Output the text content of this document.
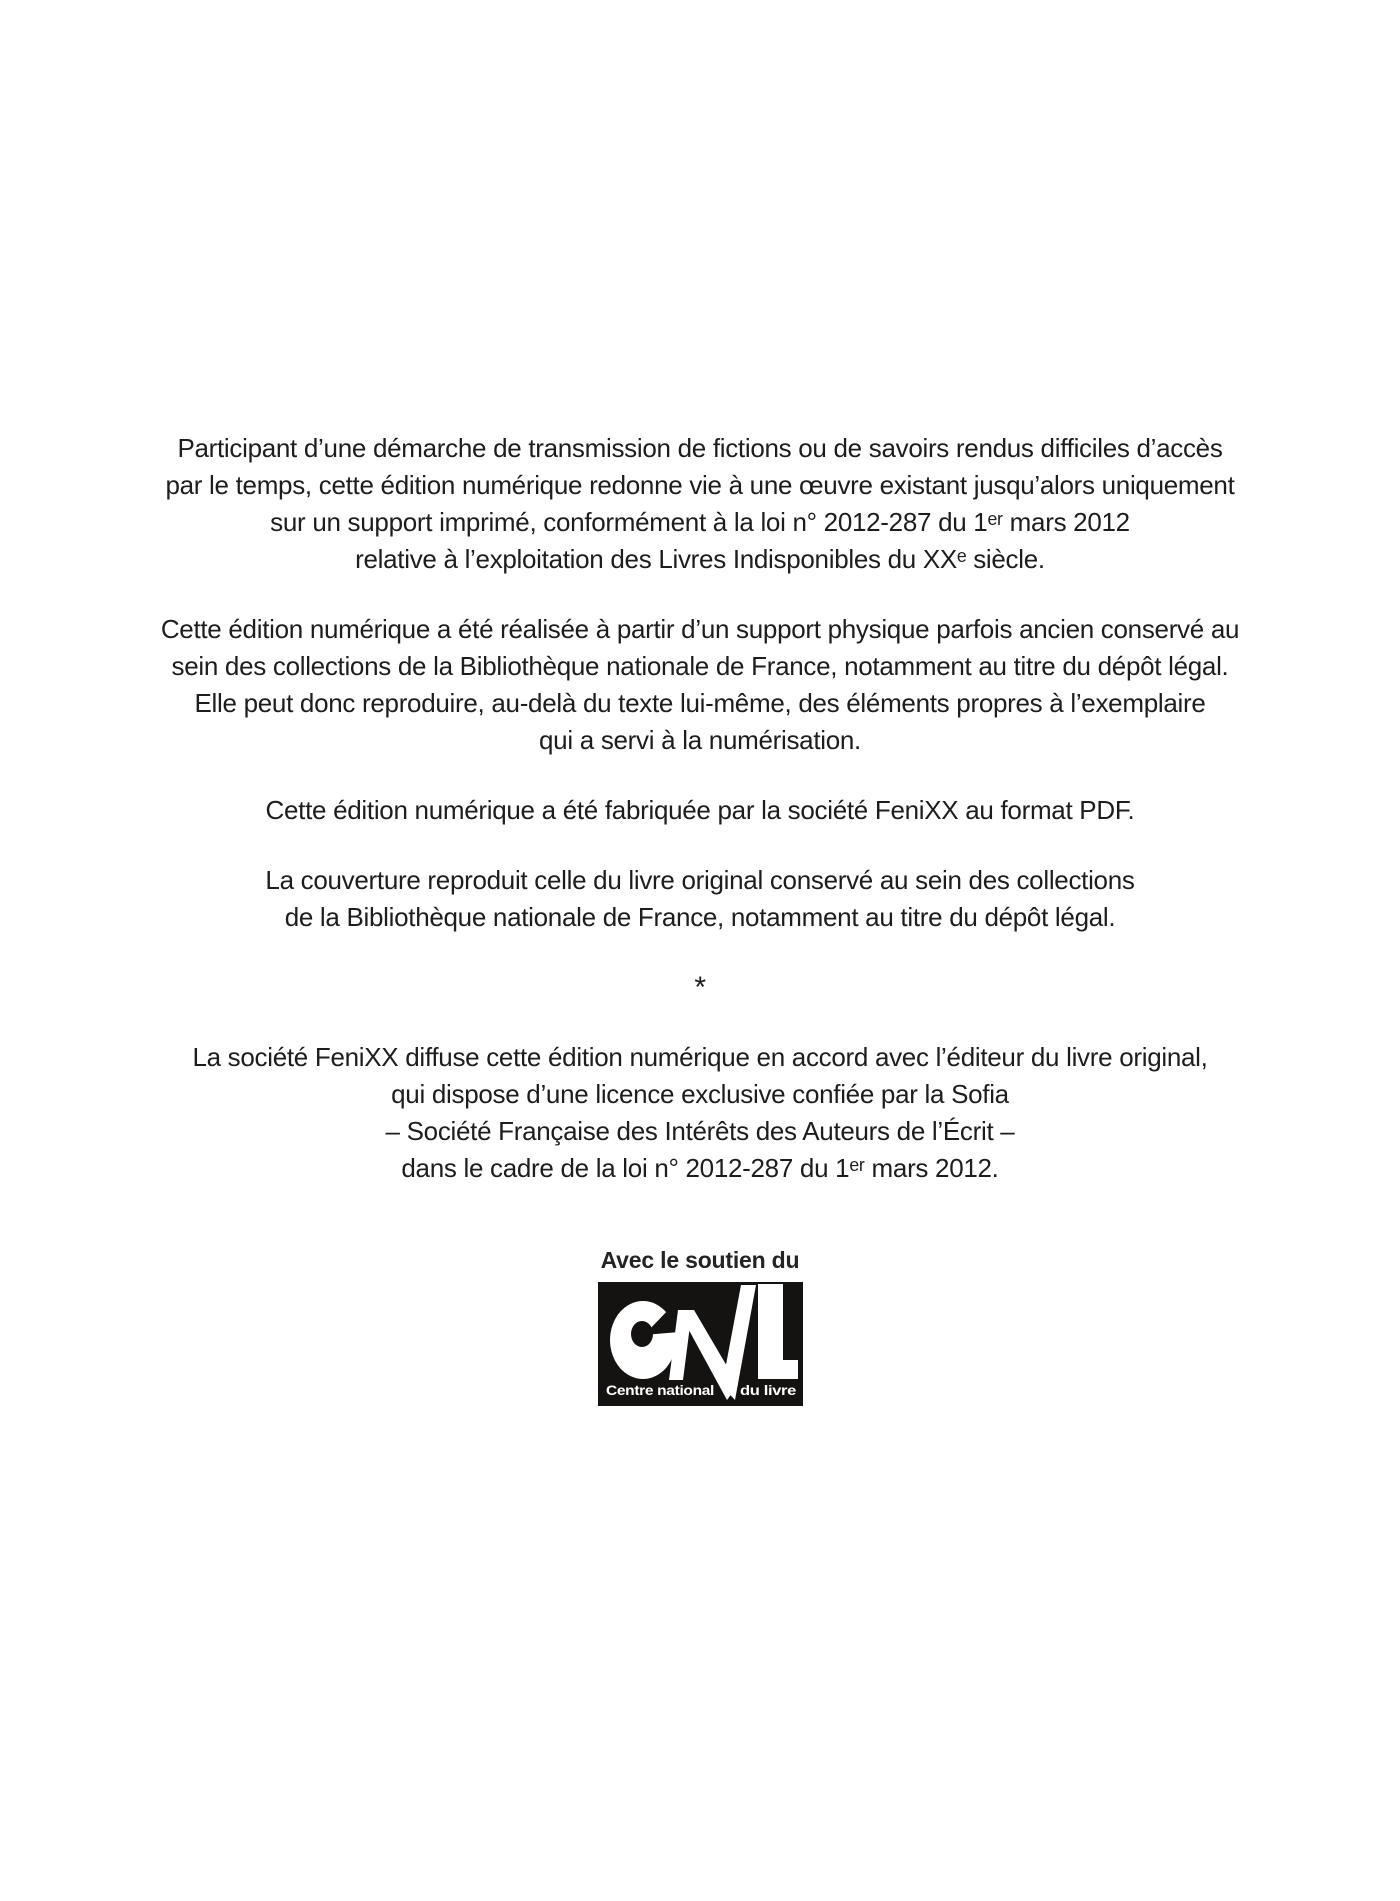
Participant d’une démarche de transmission de fictions ou de savoirs rendus difficiles d’accès
par le temps, cette édition numérique redonne vie à une œuvre existant jusqu’alors uniquement
sur un support imprimé, conformément à la loi n° 2012-287 du 1ᵉʳ mars 2012
relative à l’exploitation des Livres Indisponibles du XXᵉ siècle.

Cette édition numérique a été réalisée à partir d’un support physique parfois ancien conservé au
sein des collections de la Bibliothèque nationale de France, notamment au titre du dépôt légal.
Elle peut donc reproduire, au-delà du texte lui-même, des éléments propres à l’exemplaire
qui a servi à la numérisation.

Cette édition numérique a été fabriquée par la société FeniXX au format PDF.

La couverture reproduit celle du livre original conservé au sein des collections
de la Bibliothèque nationale de France, notamment au titre du dépôt légal.

*

La société FeniXX diffuse cette édition numérique en accord avec l’éditeur du livre original,
qui dispose d’une licence exclusive confiée par la Sofia
– Société Française des Intérêts des Auteurs de l’Écrit –
dans le cadre de la loi n° 2012-287 du 1ᵉʳ mars 2012.

Avec le soutien du
Centre national du livre
